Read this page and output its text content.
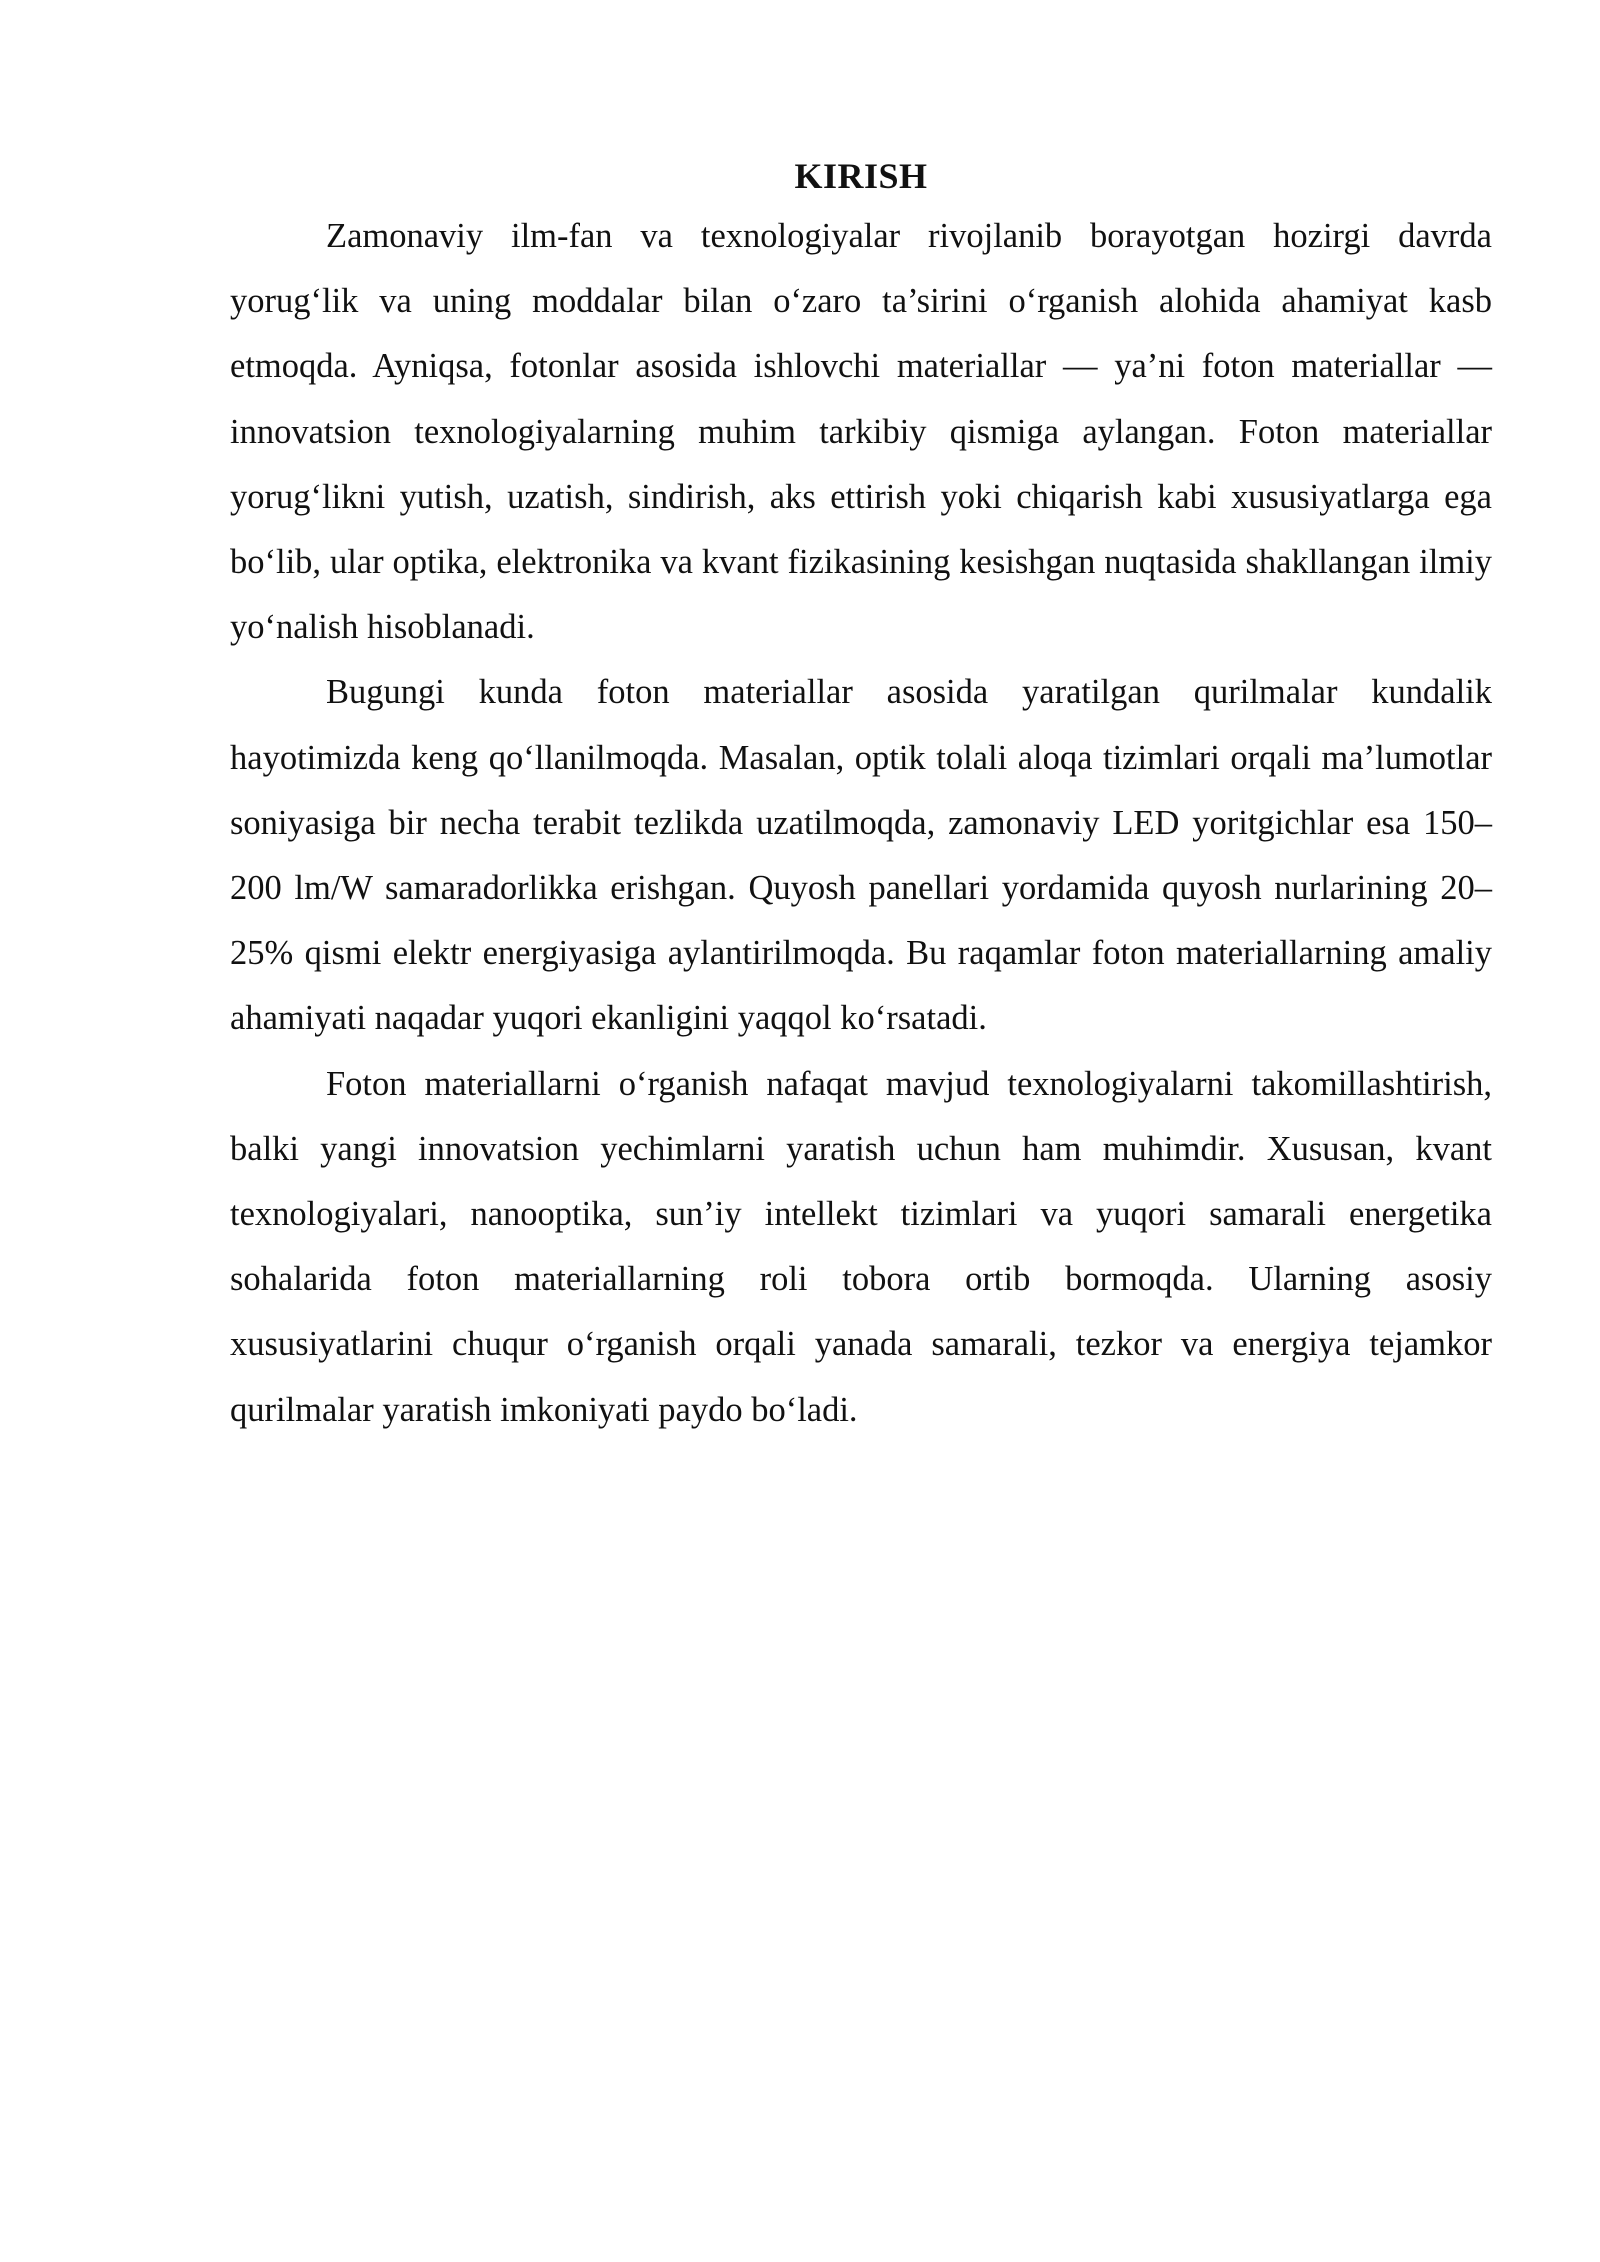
KIRISH

Zamonaviy ilm-fan va texnologiyalar rivojlanib borayotgan hozirgi davrda yorug‘lik va uning moddalar bilan o‘zaro ta’sirini o‘rganish alohida ahamiyat kasb etmoqda. Ayniqsa, fotonlar asosida ishlovchi materiallar — ya’ni foton materiallar — innovatsion texnologiyalarning muhim tarkibiy qismiga aylangan. Foton materiallar yorug‘likni yutish, uzatish, sindirish, aks ettirish yoki chiqarish kabi xususiyatlarga ega bo‘lib, ular optika, elektronika va kvant fizikasining kesishgan nuqtasida shakllangan ilmiy yo‘nalish hisoblanadi.

Bugungi kunda foton materiallar asosida yaratilgan qurilmalar kundalik hayotimizda keng qo‘llanilmoqda. Masalan, optik tolali aloqa tizimlari orqali ma’lumotlar soniyasiga bir necha terabit tezlikda uzatilmoqda, zamonaviy LED yoritgichlar esa 150–200 lm/W samaradorlikka erishgan. Quyosh panellari yordamida quyosh nurlarining 20–25% qismi elektr energiyasiga aylantirilmoqda. Bu raqamlar foton materiallarning amaliy ahamiyati naqadar yuqori ekanligini yaqqol ko‘rsatadi.

Foton materiallarni o‘rganish nafaqat mavjud texnologiyalarni takomillashtirish, balki yangi innovatsion yechimlarni yaratish uchun ham muhimdir. Xususan, kvant texnologiyalari, nanooptika, sun’iy intellekt tizimlari va yuqori samarali energetika sohalarida foton materiallarning roli tobora ortib bormoqda. Ularning asosiy xususiyatlarini chuqur o‘rganish orqali yanada samarali, tezkor va energiya tejamkor qurilmalar yaratish imkoniyati paydo bo‘ladi.
